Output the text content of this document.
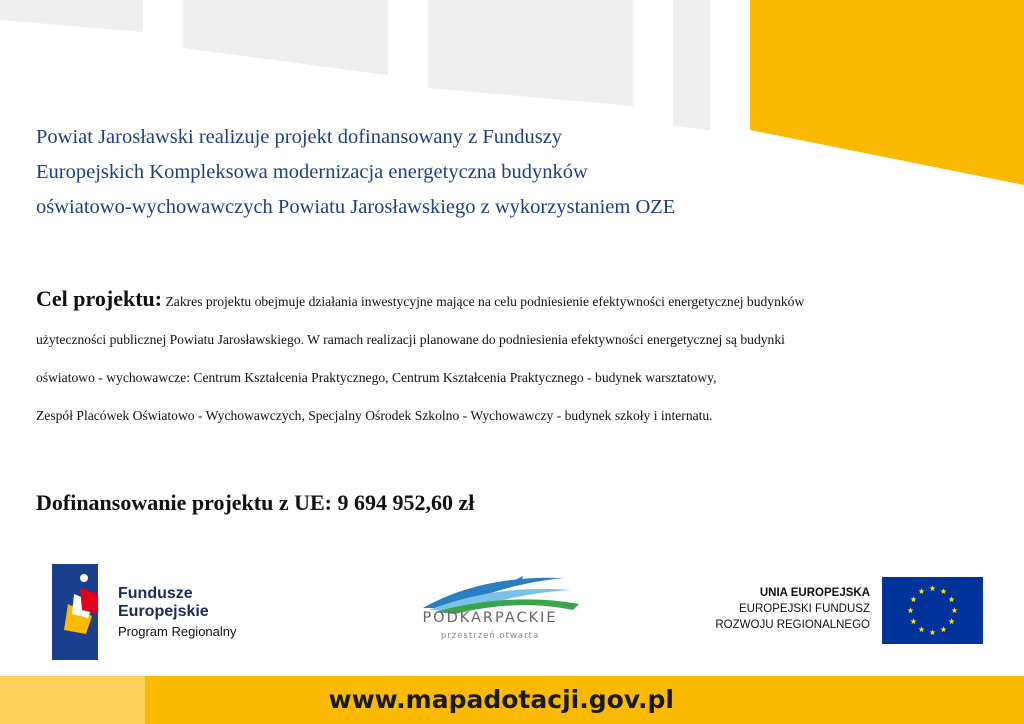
Powiat Jarosławski realizuje projekt dofinansowany z Funduszy
Europejskich Kompleksowa modernizacja energetyczna budynków
oświatowo-wychowawczych Powiatu Jarosławskiego z wykorzystaniem OZE
Cel projektu: Zakres projektu obejmuje działania inwestycyjne mające na celu podniesienie efektywności energetycznej budynków
użyteczności publicznej Powiatu Jarosławskiego. W ramach realizacji planowane do podniesienia efektywności energetycznej są budynki
oświatowo - wychowawcze: Centrum Kształcenia Praktycznego, Centrum Kształcenia Praktycznego - budynek warsztatowy,
Zespół Placówek Oświatowo - Wychowawczych, Specjalny Ośrodek Szkolno - Wychowawczy - budynek szkoły i internatu.
Dofinansowanie projektu z UE: 9 694 952,60 zł
Fundusze
Europejskie
Program Regionalny
PODKARPACKIE
przestrzeń otwarta
UNIA EUROPEJSKA
EUROPEJSKI FUNDUSZ
ROZWOJU REGIONALNEGO
www.mapadotacji.gov.pl
